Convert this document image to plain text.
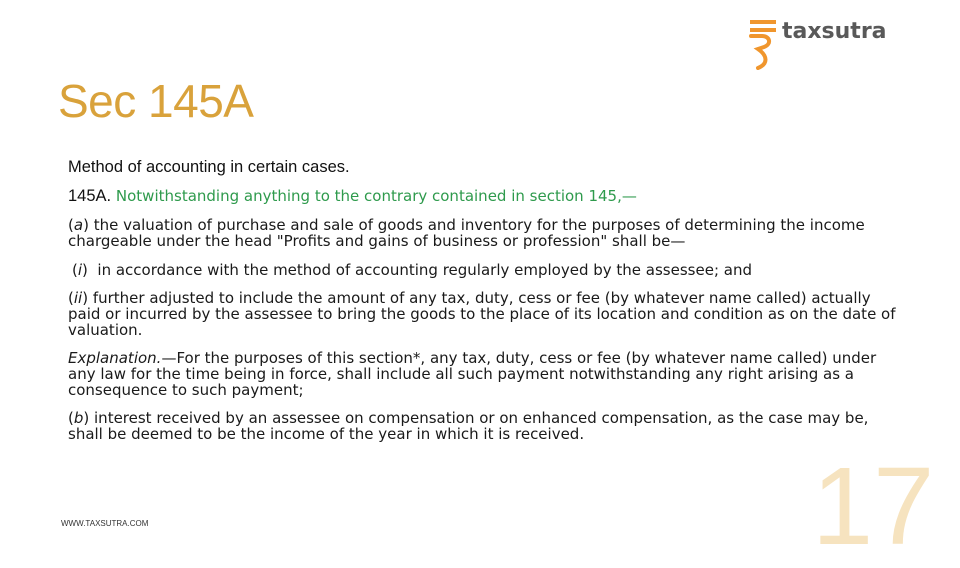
taxsutra
Sec 145A

Method of accounting in certain cases.

145A. Notwithstanding anything to the contrary contained in section 145,—

(a) the valuation of purchase and sale of goods and inventory for the purposes of determining the income chargeable under the head "Profits and gains of business or profession" shall be—

(i)  in accordance with the method of accounting regularly employed by the assessee; and

(ii) further adjusted to include the amount of any tax, duty, cess or fee (by whatever name called) actually paid or incurred by the assessee to bring the goods to the place of its location and condition as on the date of valuation.

Explanation.—For the purposes of this section*, any tax, duty, cess or fee (by whatever name called) under any law for the time being in force, shall include all such payment notwithstanding any right arising as a consequence to such payment;

(b) interest received by an assessee on compensation or on enhanced compensation, as the case may be, shall be deemed to be the income of the year in which it is received.

WWW.TAXSUTRA.COM	17
